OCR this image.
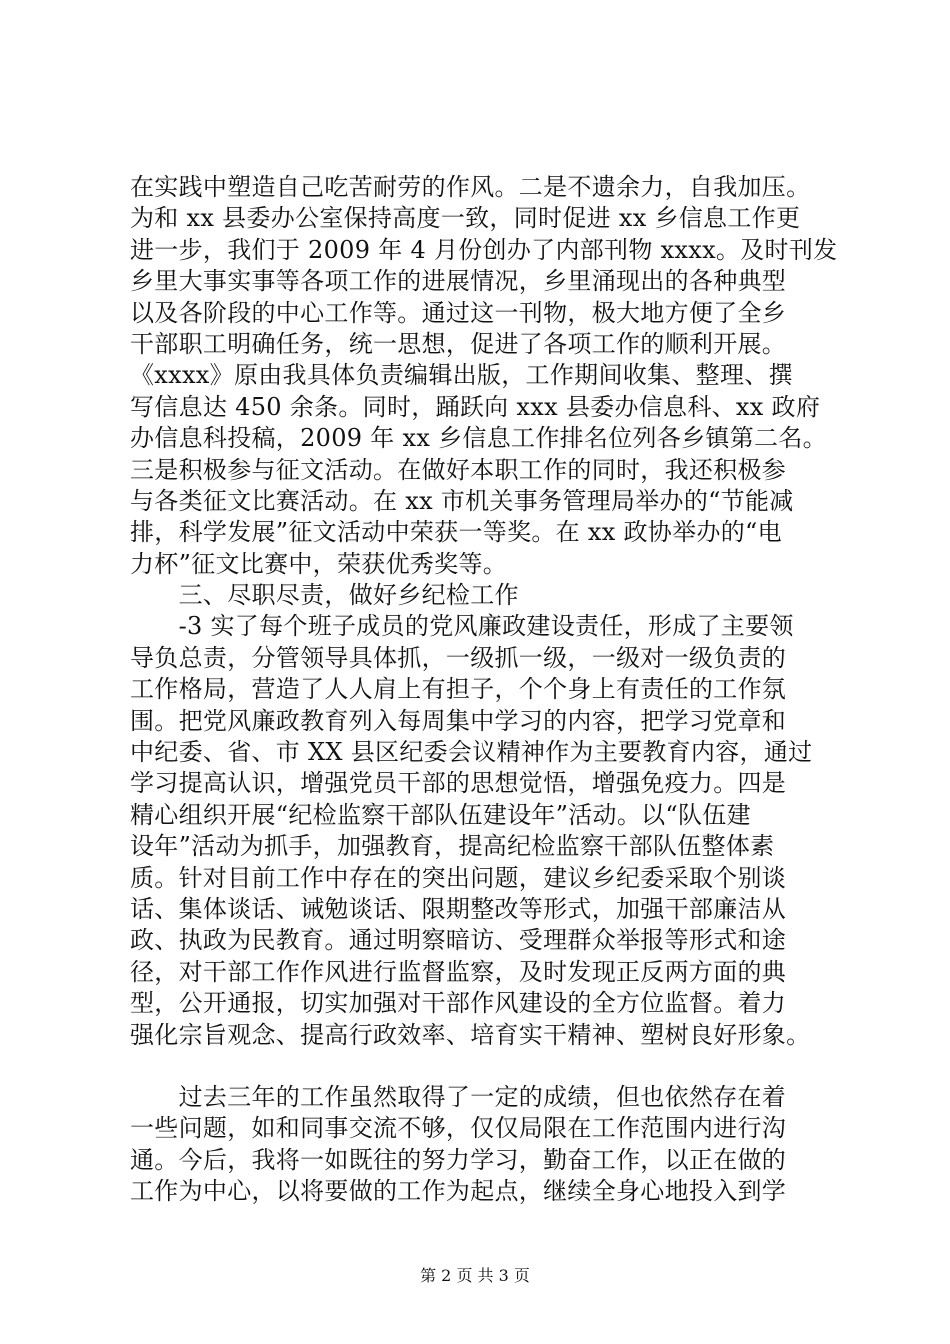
在实践中塑造自己吃苦耐劳的作风。二是不遗余力，自我加压。
为和 xx 县委办公室保持高度一致，同时促进 xx 乡信息工作更
进一步，我们于 2009 年 4 月份创办了内部刊物 xxxx。及时刊发
乡里大事实事等各项工作的进展情况，乡里涌现出的各种典型
以及各阶段的中心工作等。通过这一刊物，极大地方便了全乡
干部职工明确任务，统一思想，促进了各项工作的顺利开展。
《xxxx》原由我具体负责编辑出版，工作期间收集、整理、撰
写信息达 450 余条。同时，踊跃向 xxx 县委办信息科、xx 政府
办信息科投稿，2009 年 xx 乡信息工作排名位列各乡镇第二名。
三是积极参与征文活动。在做好本职工作的同时，我还积极参
与各类征文比赛活动。在 xx 市机关事务管理局举办的“节能减
排，科学发展”征文活动中荣获一等奖。在 xx 政协举办的“电
力杯”征文比赛中，荣获优秀奖等。
　　三、尽职尽责，做好乡纪检工作
　　-3 实了每个班子成员的党风廉政建设责任，形成了主要领
导负总责，分管领导具体抓，一级抓一级，一级对一级负责的
工作格局，营造了人人肩上有担子，个个身上有责任的工作氛
围。把党风廉政教育列入每周集中学习的内容，把学习党章和
中纪委、省、市 XX 县区纪委会议精神作为主要教育内容，通过
学习提高认识，增强党员干部的思想觉悟，增强免疫力。四是
精心组织开展“纪检监察干部队伍建设年”活动。以“队伍建
设年”活动为抓手，加强教育，提高纪检监察干部队伍整体素
质。针对目前工作中存在的突出问题，建议乡纪委采取个别谈
话、集体谈话、诫勉谈话、限期整改等形式，加强干部廉洁从
政、执政为民教育。通过明察暗访、受理群众举报等形式和途
径，对干部工作作风进行监督监察，及时发现正反两方面的典
型，公开通报，切实加强对干部作风建设的全方位监督。着力
强化宗旨观念、提高行政效率、培育实干精神、塑树良好形象。
　　过去三年的工作虽然取得了一定的成绩，但也依然存在着
一些问题，如和同事交流不够，仅仅局限在工作范围内进行沟
通。今后，我将一如既往的努力学习，勤奋工作，以正在做的
工作为中心，以将要做的工作为起点，继续全身心地投入到学
第 2 页 共 3 页
